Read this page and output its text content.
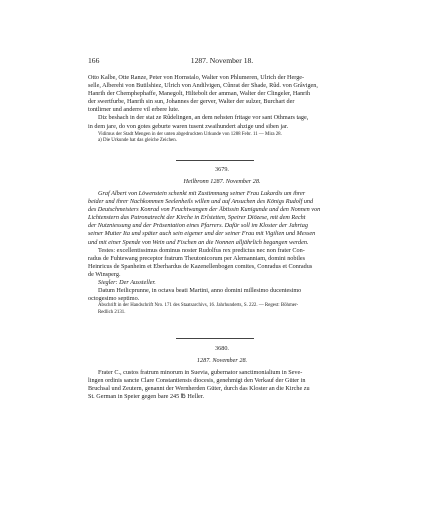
166	1287. November 18.

Otto Kalbe, Otte Ranze, Peter von Hornstalo, Walter von Phlumeren, Ulrich der Herge-

selle, Alberehi von Butilshiez, Ulrich von Andilvigen, Cûnrat der Shade, Rûd. von Grâvigen,

Hanrih der Chemphephaffe, Manegolt, Hiltebolt der amman, Walter der Clingeler, Hanrih

der swertfurbe, Hanrih sin sun, Johannes der gerver, Walter der sulzer, Burchart der

tontlirner und anderre vil erbere lute.

Diz beshach in der stat ze Rûdelingen, an dem nehsten fritage vor sant Othmars tage,

in dem jare, do von gotes geburte waren tusent zwaihundert ahzige und siben jar.

Vidimus der Stadt Mengen in der unten abgedruckten Urkunde von 1288 Febr. 11 — Mira 28.

a) Die Urkunde hat das gleiche Zeichen.

3679.

Heilbronn 1287. November 28.

Graf Albert von Löwenstein schenkt mit Zustimmung seiner Frau Lukardis um ihrer

beider und ihrer Nachkommen Seelenheils willen und auf Ansuchen des Königs Rudolf und

des Deutschmeisters Konrad von Feuchtwangen der Äbtissin Kunigunde und den Nonnen von

Lichtenstern das Patronatrecht der Kirche in Erlstetten, Speirer Diözese, mit dem Recht

der Nutzniessung und der Präsentation eines Pfarrers. Dafür soll im Kloster der Jahrtag

seiner Mutter Ita und später auch sein eigener und der seiner Frau mit Vigilien und Messen

und mit einer Spende von Wein und Fischen an die Nonnen alljährlich begangen werden.

Testes: excellentissimus dominus noster Rudolfus rex predictus nec non frater Con-

radus de Fuhtewang preceptor fratrum Theutonicorum per Alemanniam, domini nobiles

Heinricus de Spanheim et Eberhardus de Kazenellenbogen comites, Conradus et Conradus

de Winsperg.

Siegler: Der Aussteller.

Datum Heilicprunne, in octava beati Martini, anno domini millesimo ducentesimo

octogesimo septimo.

Abschrift in der Handschrift Nro. 171 des Staatsarchivs, 16. Jahrhunderts, S. 222. — Regest: Böhmer-

Redlich 2131.

3680.

1287. November 28.

Frater C., custos fratrum minorum in Suevia, gubernator sanctimonialium in Seve-

lingen ordinis sancte Clare Constantiensis diocesis, genehmigt den Verkauf der Güter in

Bruchsal und Zeutern, genannt der Wernherden Güter, durch das Kloster an die Kirche zu

St. German in Speier gegen bare 245 ℔ Heller.
